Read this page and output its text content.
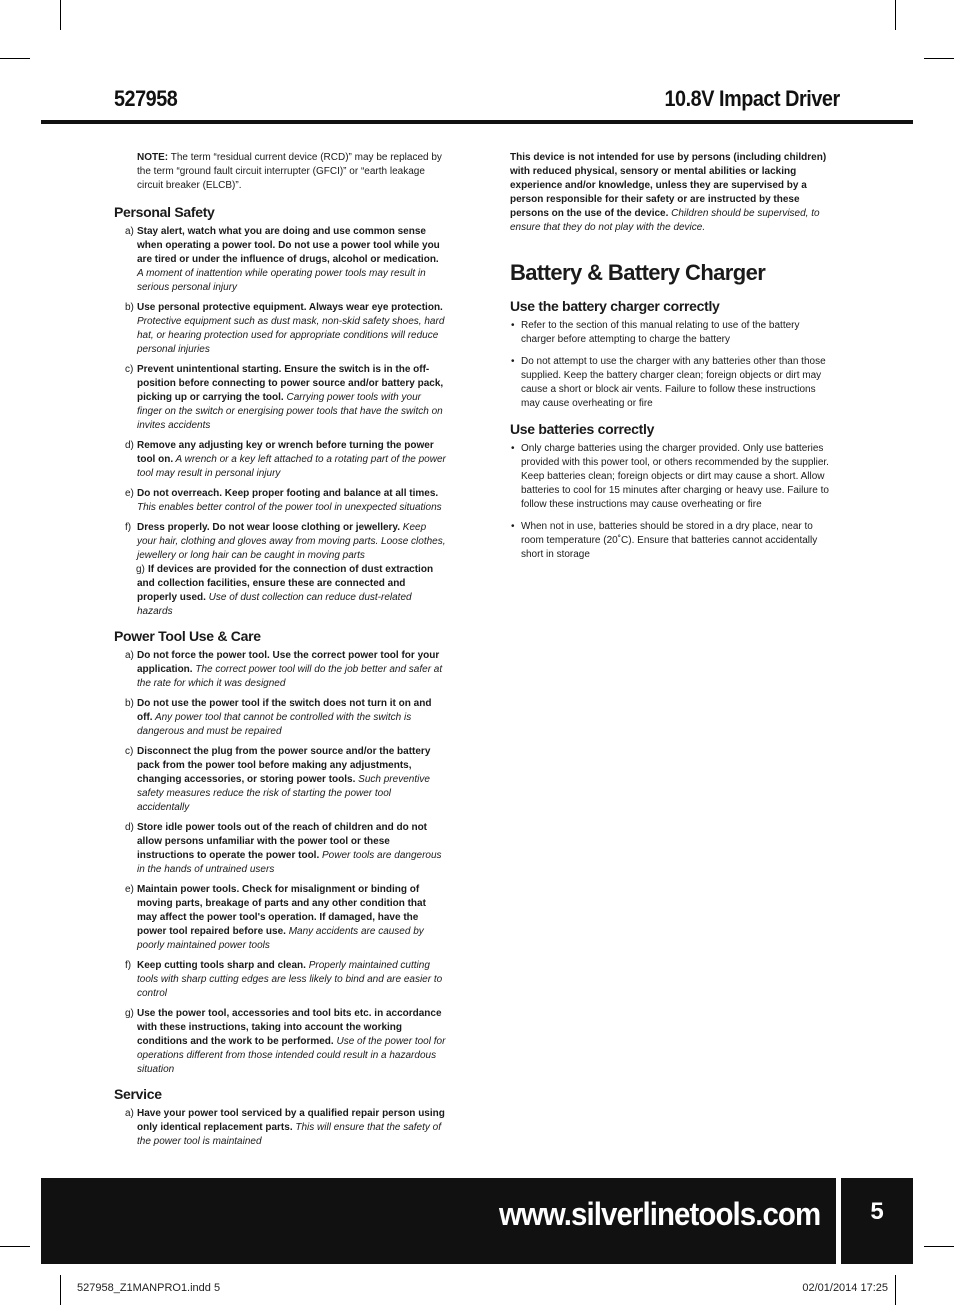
527958	10.8V Impact Driver
NOTE: The term “residual current device (RCD)” may be replaced by the term “ground fault circuit interrupter (GFCI)” or “earth leakage circuit breaker (ELCB)”.
Personal Safety
a) Stay alert, watch what you are doing and use common sense when operating a power tool. Do not use a power tool while you are tired or under the influence of drugs, alcohol or medication. A moment of inattention while operating power tools may result in serious personal injury
b) Use personal protective equipment. Always wear eye protection. Protective equipment such as dust mask, non-skid safety shoes, hard hat, or hearing protection used for appropriate conditions will reduce personal injuries
c) Prevent unintentional starting. Ensure the switch is in the off-position before connecting to power source and/or battery pack, picking up or carrying the tool. Carrying power tools with your finger on the switch or energising power tools that have the switch on invites accidents
d) Remove any adjusting key or wrench before turning the power tool on. A wrench or a key left attached to a rotating part of the power tool may result in personal injury
e) Do not overreach. Keep proper footing and balance at all times. This enables better control of the power tool in unexpected situations
f) Dress properly. Do not wear loose clothing or jewellery. Keep your hair, clothing and gloves away from moving parts. Loose clothes, jewellery or long hair can be caught in moving parts
g) If devices are provided for the connection of dust extraction and collection facilities, ensure these are connected and properly used. Use of dust collection can reduce dust-related hazards
Power Tool Use & Care
a) Do not force the power tool. Use the correct power tool for your application. The correct power tool will do the job better and safer at the rate for which it was designed
b) Do not use the power tool if the switch does not turn it on and off. Any power tool that cannot be controlled with the switch is dangerous and must be repaired
c) Disconnect the plug from the power source and/or the battery pack from the power tool before making any adjustments, changing accessories, or storing power tools. Such preventive safety measures reduce the risk of starting the power tool accidentally
d) Store idle power tools out of the reach of children and do not allow persons unfamiliar with the power tool or these instructions to operate the power tool. Power tools are dangerous in the hands of untrained users
e) Maintain power tools. Check for misalignment or binding of moving parts, breakage of parts and any other condition that may affect the power tool's operation. If damaged, have the power tool repaired before use. Many accidents are caused by poorly maintained power tools
f) Keep cutting tools sharp and clean. Properly maintained cutting tools with sharp cutting edges are less likely to bind and are easier to control
g) Use the power tool, accessories and tool bits etc. in accordance with these instructions, taking into account the working conditions and the work to be performed. Use of the power tool for operations different from those intended could result in a hazardous situation
Service
a) Have your power tool serviced by a qualified repair person using only identical replacement parts. This will ensure that the safety of the power tool is maintained
This device is not intended for use by persons (including children) with reduced physical, sensory or mental abilities or lacking experience and/or knowledge, unless they are supervised by a person responsible for their safety or are instructed by these persons on the use of the device. Children should be supervised, to ensure that they do not play with the device.
Battery & Battery Charger
Use the battery charger correctly
• Refer to the section of this manual relating to use of the battery charger before attempting to charge the battery
• Do not attempt to use the charger with any batteries other than those supplied. Keep the battery charger clean; foreign objects or dirt may cause a short or block air vents. Failure to follow these instructions may cause overheating or fire
Use batteries correctly
• Only charge batteries using the charger provided. Only use batteries provided with this power tool, or others recommended by the supplier. Keep batteries clean; foreign objects or dirt may cause a short. Allow batteries to cool for 15 minutes after charging or heavy use. Failure to follow these instructions may cause overheating or fire
• When not in use, batteries should be stored in a dry place, near to room temperature (20˚C). Ensure that batteries cannot accidentally short in storage
www.silverlinetools.com	5
527958_Z1MANPRO1.indd 5	02/01/2014 17:25
